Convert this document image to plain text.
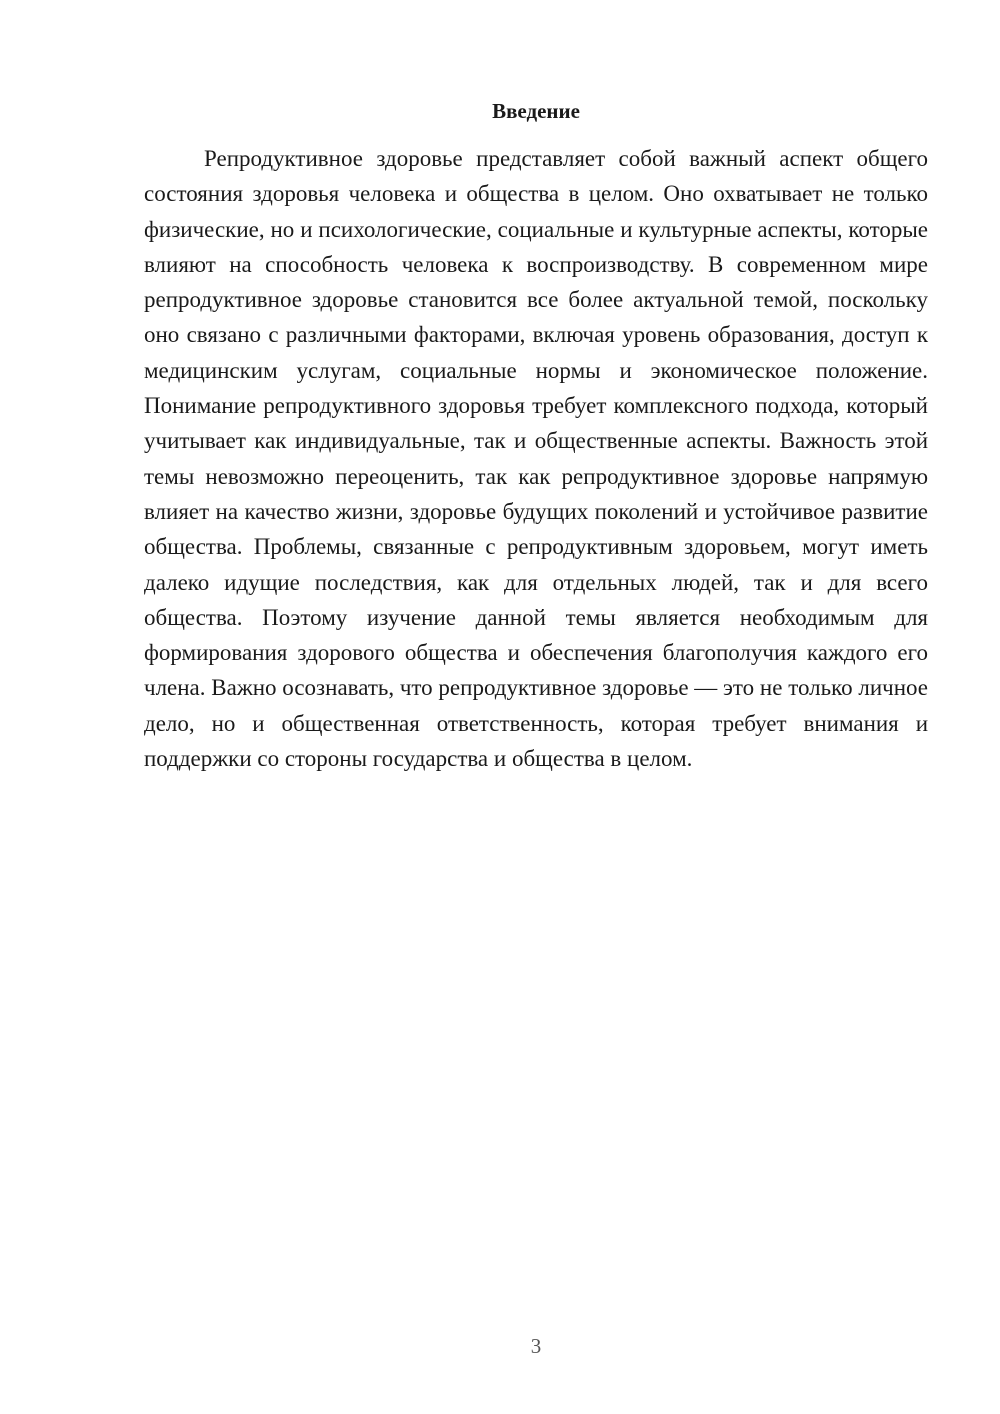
Введение

Репродуктивное здоровье представляет собой важный аспект общего состояния здоровья человека и общества в целом. Оно охватывает не только физические, но и психологические, социальные и культурные аспекты, которые влияют на способность человека к воспроизводству. В современном мире репродуктивное здоровье становится все более актуальной темой, поскольку оно связано с различными факторами, включая уровень образования, доступ к медицинским услугам, социальные нормы и экономическое положение. Понимание репродуктивного здоровья требует комплексного подхода, который учитывает как индивидуальные, так и общественные аспекты. Важность этой темы невозможно переоценить, так как репродуктивное здоровье напрямую влияет на качество жизни, здоровье будущих поколений и устойчивое развитие общества. Проблемы, связанные с репродуктивным здоровьем, могут иметь далеко идущие последствия, как для отдельных людей, так и для всего общества. Поэтому изучение данной темы является необходимым для формирования здорового общества и обеспечения благополучия каждого его члена. Важно осознавать, что репродуктивное здоровье — это не только личное дело, но и общественная ответственность, которая требует внимания и поддержки со стороны государства и общества в целом.

3
